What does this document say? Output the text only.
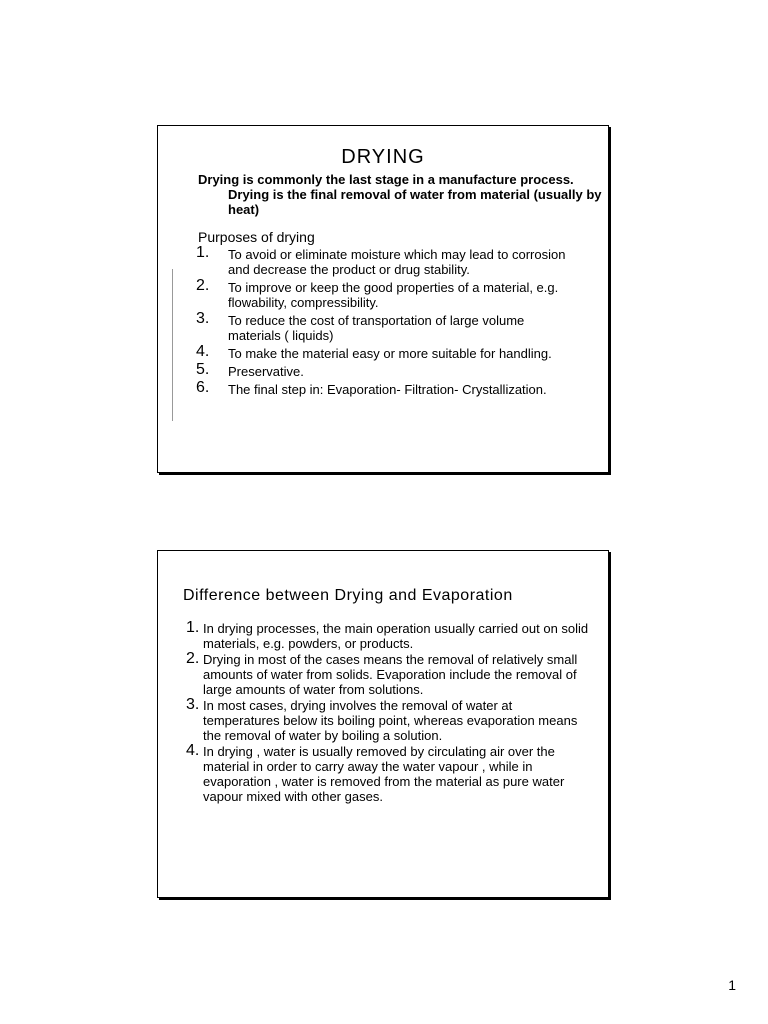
DRYING
Drying is commonly the last stage in a manufacture process. Drying is the final removal of water from material (usually by heat)
Purposes of drying
1. To avoid or eliminate moisture which may lead to corrosion and decrease the product or drug stability.
2. To improve or keep the good properties of a material, e.g. flowability, compressibility.
3. To reduce the cost of transportation of large volume materials ( liquids)
4. To make the material easy or more suitable for handling.
5. Preservative.
6. The final step in: Evaporation- Filtration- Crystallization.
Difference between Drying and Evaporation
1. In drying processes, the main operation usually carried out on solid materials, e.g. powders, or products.
2. Drying in most of the cases means the removal of relatively small amounts of water from solids. Evaporation include the removal of large amounts of water from solutions.
3. In most cases, drying involves the removal of water at temperatures below its boiling point, whereas evaporation means the removal of water by boiling a solution.
4. In drying , water is usually removed by circulating air over the material in order to carry away the water vapour , while in evaporation , water is removed from the material as pure water vapour mixed with other gases.
1
